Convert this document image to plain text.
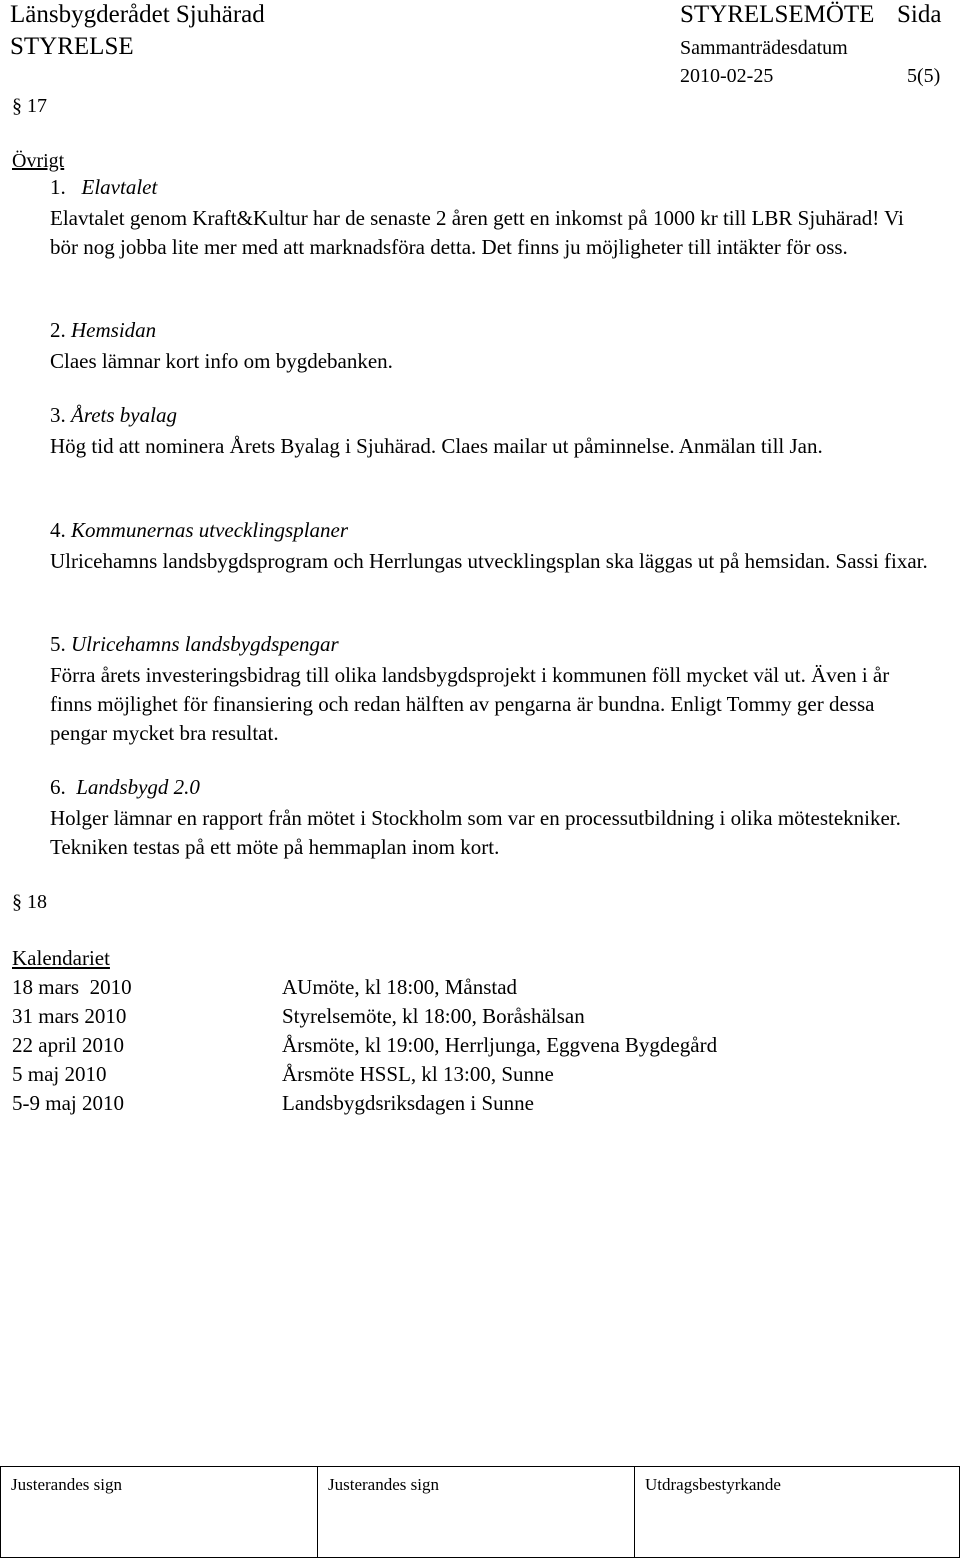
Länsbygderådet Sjuhärad
STYRELSE
STYRELSEMÖTE Sida
Sammanträdesdatum
2010-02-25	5(5)
§ 17
Övrigt
1. Elavtalet
Elavtalet genom Kraft&Kultur har de senaste 2 åren gett en inkomst på 1000 kr till LBR Sjuhärad! Vi bör nog jobba lite mer med att marknadsföra detta. Det finns ju möjligheter till intäkter för oss.
2. Hemsidan
Claes lämnar kort info om bygdebanken.
3. Årets byalag
Hög tid att nominera Årets Byalag i Sjuhärad. Claes mailar ut påminnelse. Anmälan till Jan.
4. Kommunernas utvecklingsplaner
Ulricehamns landsbygdsprogram och Herrlungas utvecklingsplan ska läggas ut på hemsidan. Sassi fixar.
5. Ulricehamns landsbygdspengar
Förra årets investeringsbidrag till olika landsbygdsprojekt i kommunen föll mycket väl ut. Även i år finns möjlighet för finansiering och redan hälften av pengarna är bundna. Enligt Tommy ger dessa pengar mycket bra resultat.
6. Landsbygd 2.0
Holger lämnar en rapport från mötet i Stockholm som var en processutbildning i olika mötestekniker. Tekniken testas på ett möte på hemmaplan inom kort.
§ 18
Kalendariet
18 mars  2010	AUmöte, kl 18:00, Månstad
31 mars 2010	Styrelsemöte, kl 18:00, Boråshälsan
22 april 2010	Årsmöte, kl 19:00, Herrljunga, Eggvena Bygdegård
5 maj 2010	Årsmöte HSSL, kl 13:00, Sunne
5-9 maj 2010	Landsbygdsriksdagen i Sunne
Justerandes sign	Justerandes sign	Utdragsbestyrkande
